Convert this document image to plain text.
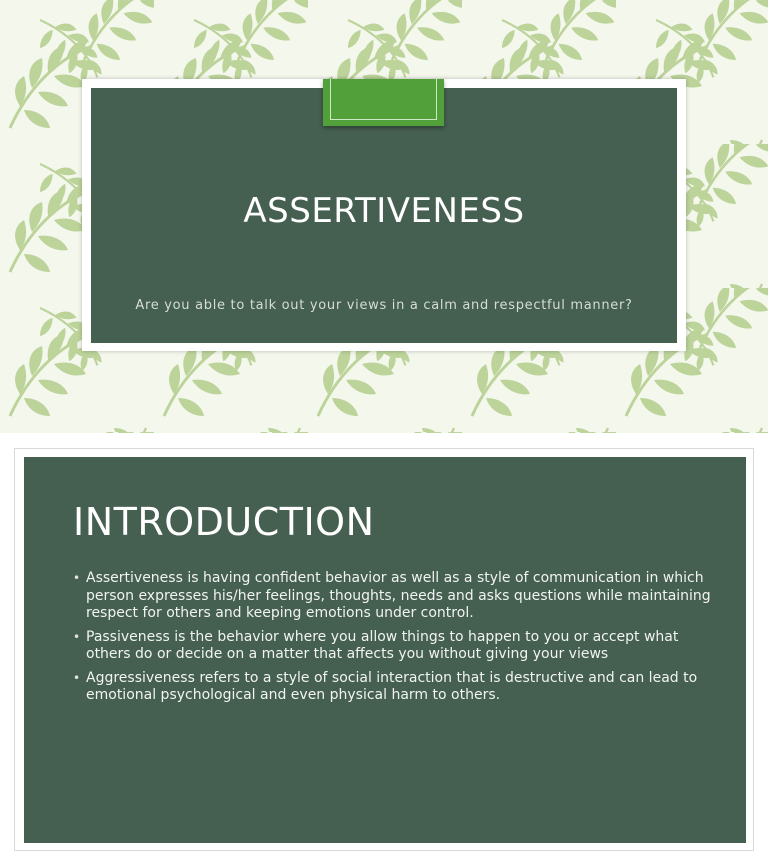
ASSERTIVENESS

Are you able to talk out your views in a calm and respectful manner?

INTRODUCTION
• Assertiveness is having confident behavior as well as a style of communication in which person expresses his/her feelings, thoughts, needs and asks questions while maintaining respect for others and keeping emotions under control.
• Passiveness is the behavior where you allow things to happen to you or accept what others do or decide on a matter that affects you without giving your views
• Aggressiveness refers to a style of social interaction that is destructive and can lead to emotional psychological and even physical harm to others.
